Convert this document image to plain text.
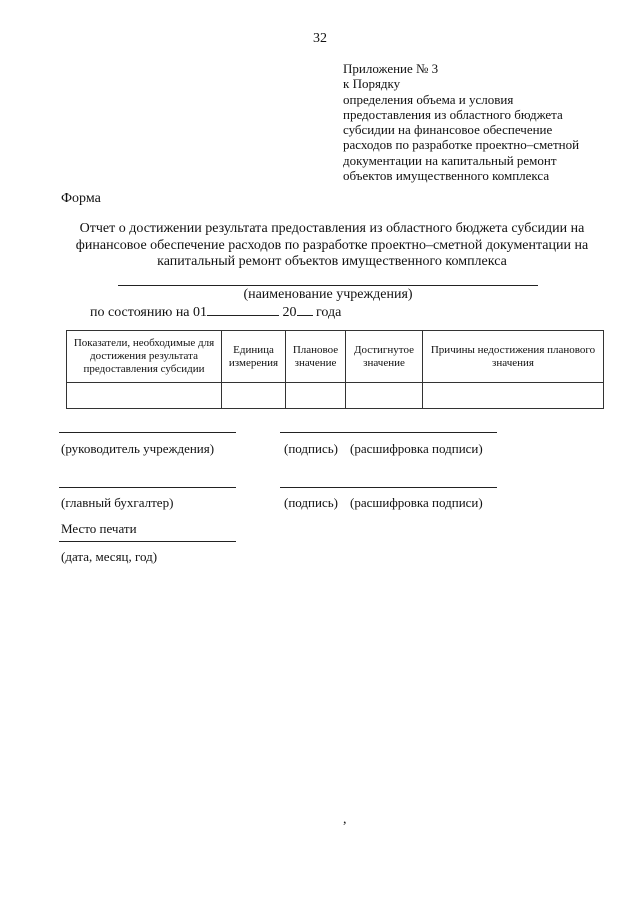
32
Приложение № 3
к Порядку
определения объема и условия
предоставления из областного бюджета
субсидии на финансовое обеспечение
расходов по разработке проектно–сметной
документации на капитальный ремонт
объектов имущественного комплекса
Форма
Отчет о достижении результата предоставления из областного бюджета субсидии на
финансовое обеспечение расходов по разработке проектно–сметной документации на
капитальный ремонт объектов имущественного комплекса
(наименование учреждения)
по состоянию на 01	20 года
Показатели, необходимые для достижения результата предоставления субсидии	Единица измерения	Плановое значение	Достигнутое значение	Причины недостижения планового значения

(руководитель учреждения)	(подпись) (расшифровка подписи)
(главный бухгалтер)	(подпись) (расшифровка подписи)
Место печати
(дата, месяц, год)
,
